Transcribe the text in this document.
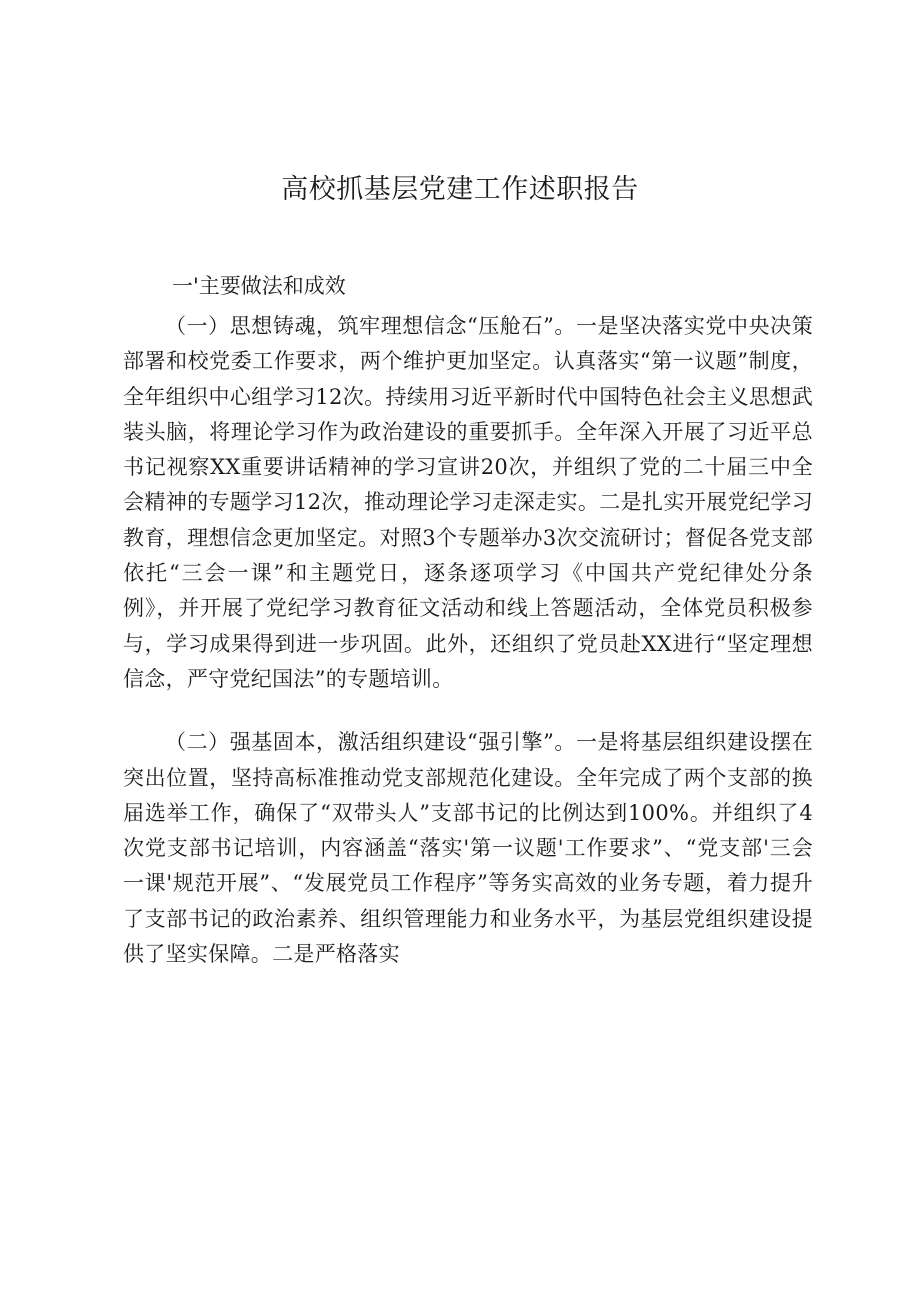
高校抓基层党建工作述职报告
一'主要做法和成效

（一）思想铸魂，筑牢理想信念“压舱石”。一是坚决落实党中央决策部署和校党委工作要求，两个维护更加坚定。认真落实“第一议题”制度，全年组织中心组学习12次。持续用习近平新时代中国特色社会主义思想武装头脑，将理论学习作为政治建设的重要抓手。全年深入开展了习近平总书记视察XX重要讲话精神的学习宣讲20次，并组织了党的二十届三中全会精神的专题学习12次，推动理论学习走深走实。二是扎实开展党纪学习教育，理想信念更加坚定。对照3个专题举办3次交流研讨；督促各党支部依托“三会一课”和主题党日，逐条逐项学习《中国共产党纪律处分条例》，并开展了党纪学习教育征文活动和线上答题活动，全体党员积极参与，学习成果得到进一步巩固。此外，还组织了党员赴XX进行“坚定理想信念，严守党纪国法”的专题培训。

（二）强基固本，激活组织建设“强引擎”。一是将基层组织建设摆在突出位置，坚持高标准推动党支部规范化建设。全年完成了两个支部的换届选举工作，确保了“双带头人”支部书记的比例达到100%。并组织了4次党支部书记培训，内容涵盖“落实'第一议题'工作要求”、“党支部'三会一课'规范开展”、“发展党员工作程序”等务实高效的业务专题，着力提升了支部书记的政治素养、组织管理能力和业务水平，为基层党组织建设提供了坚实保障。二是严格落实
